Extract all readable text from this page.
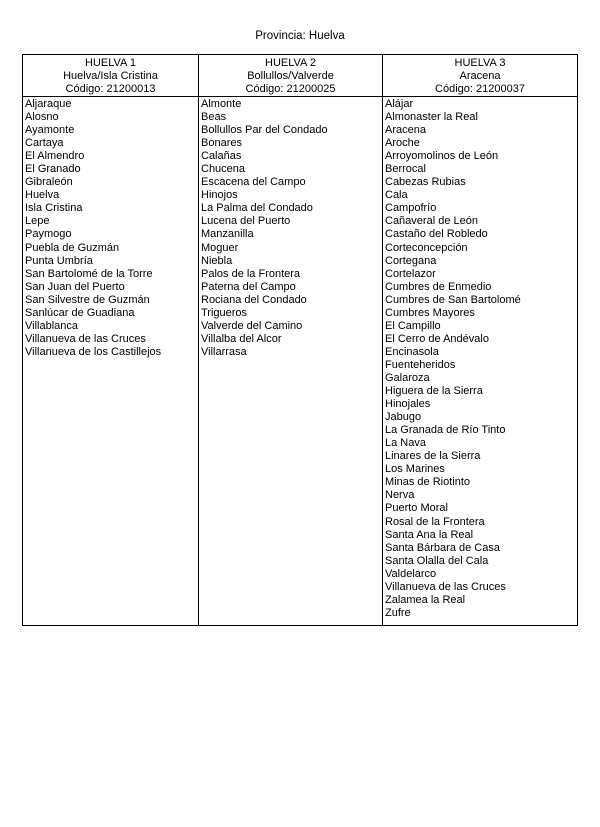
Provincia: Huelva
HUELVA 1
Huelva/Isla Cristina
Código: 21200013
HUELVA 2
Bollullos/Valverde
Código: 21200025
HUELVA 3
Aracena
Código: 21200037
Aljaraque
Alosno
Ayamonte
Cartaya
El Almendro
El Granado
Gibraleón
Huelva
Isla Cristina
Lepe
Paymogo
Puebla de Guzmán
Punta Umbría
San Bartolomé de la Torre
San Juan del Puerto
San Silvestre de Guzmán
Sanlúcar de Guadiana
Villablanca
Villanueva de las Cruces
Villanueva de los Castillejos
Almonte
Beas
Bollullos Par del Condado
Bonares
Calañas
Chucena
Escacena del Campo
Hinojos
La Palma del Condado
Lucena del Puerto
Manzanilla
Moguer
Niebla
Palos de la Frontera
Paterna del Campo
Rociana del Condado
Trigueros
Valverde del Camino
Villalba del Alcor
Villarrasa
Alájar
Almonaster la Real
Aracena
Aroche
Arroyomolinos de León
Berrocal
Cabezas Rubias
Cala
Campofrío
Cañaveral de León
Castaño del Robledo
Corteconcepción
Cortegana
Cortelazor
Cumbres de Enmedio
Cumbres de San Bartolomé
Cumbres Mayores
El Campillo
El Cerro de Andévalo
Encinasola
Fuenteheridos
Galaroza
Higuera de la Sierra
Hinojales
Jabugo
La Granada de Río Tinto
La Nava
Linares de la Sierra
Los Marines
Minas de Riotinto
Nerva
Puerto Moral
Rosal de la Frontera
Santa Ana la Real
Santa Bárbara de Casa
Santa Olalla del Cala
Valdelarco
Villanueva de las Cruces
Zalamea la Real
Zufre
